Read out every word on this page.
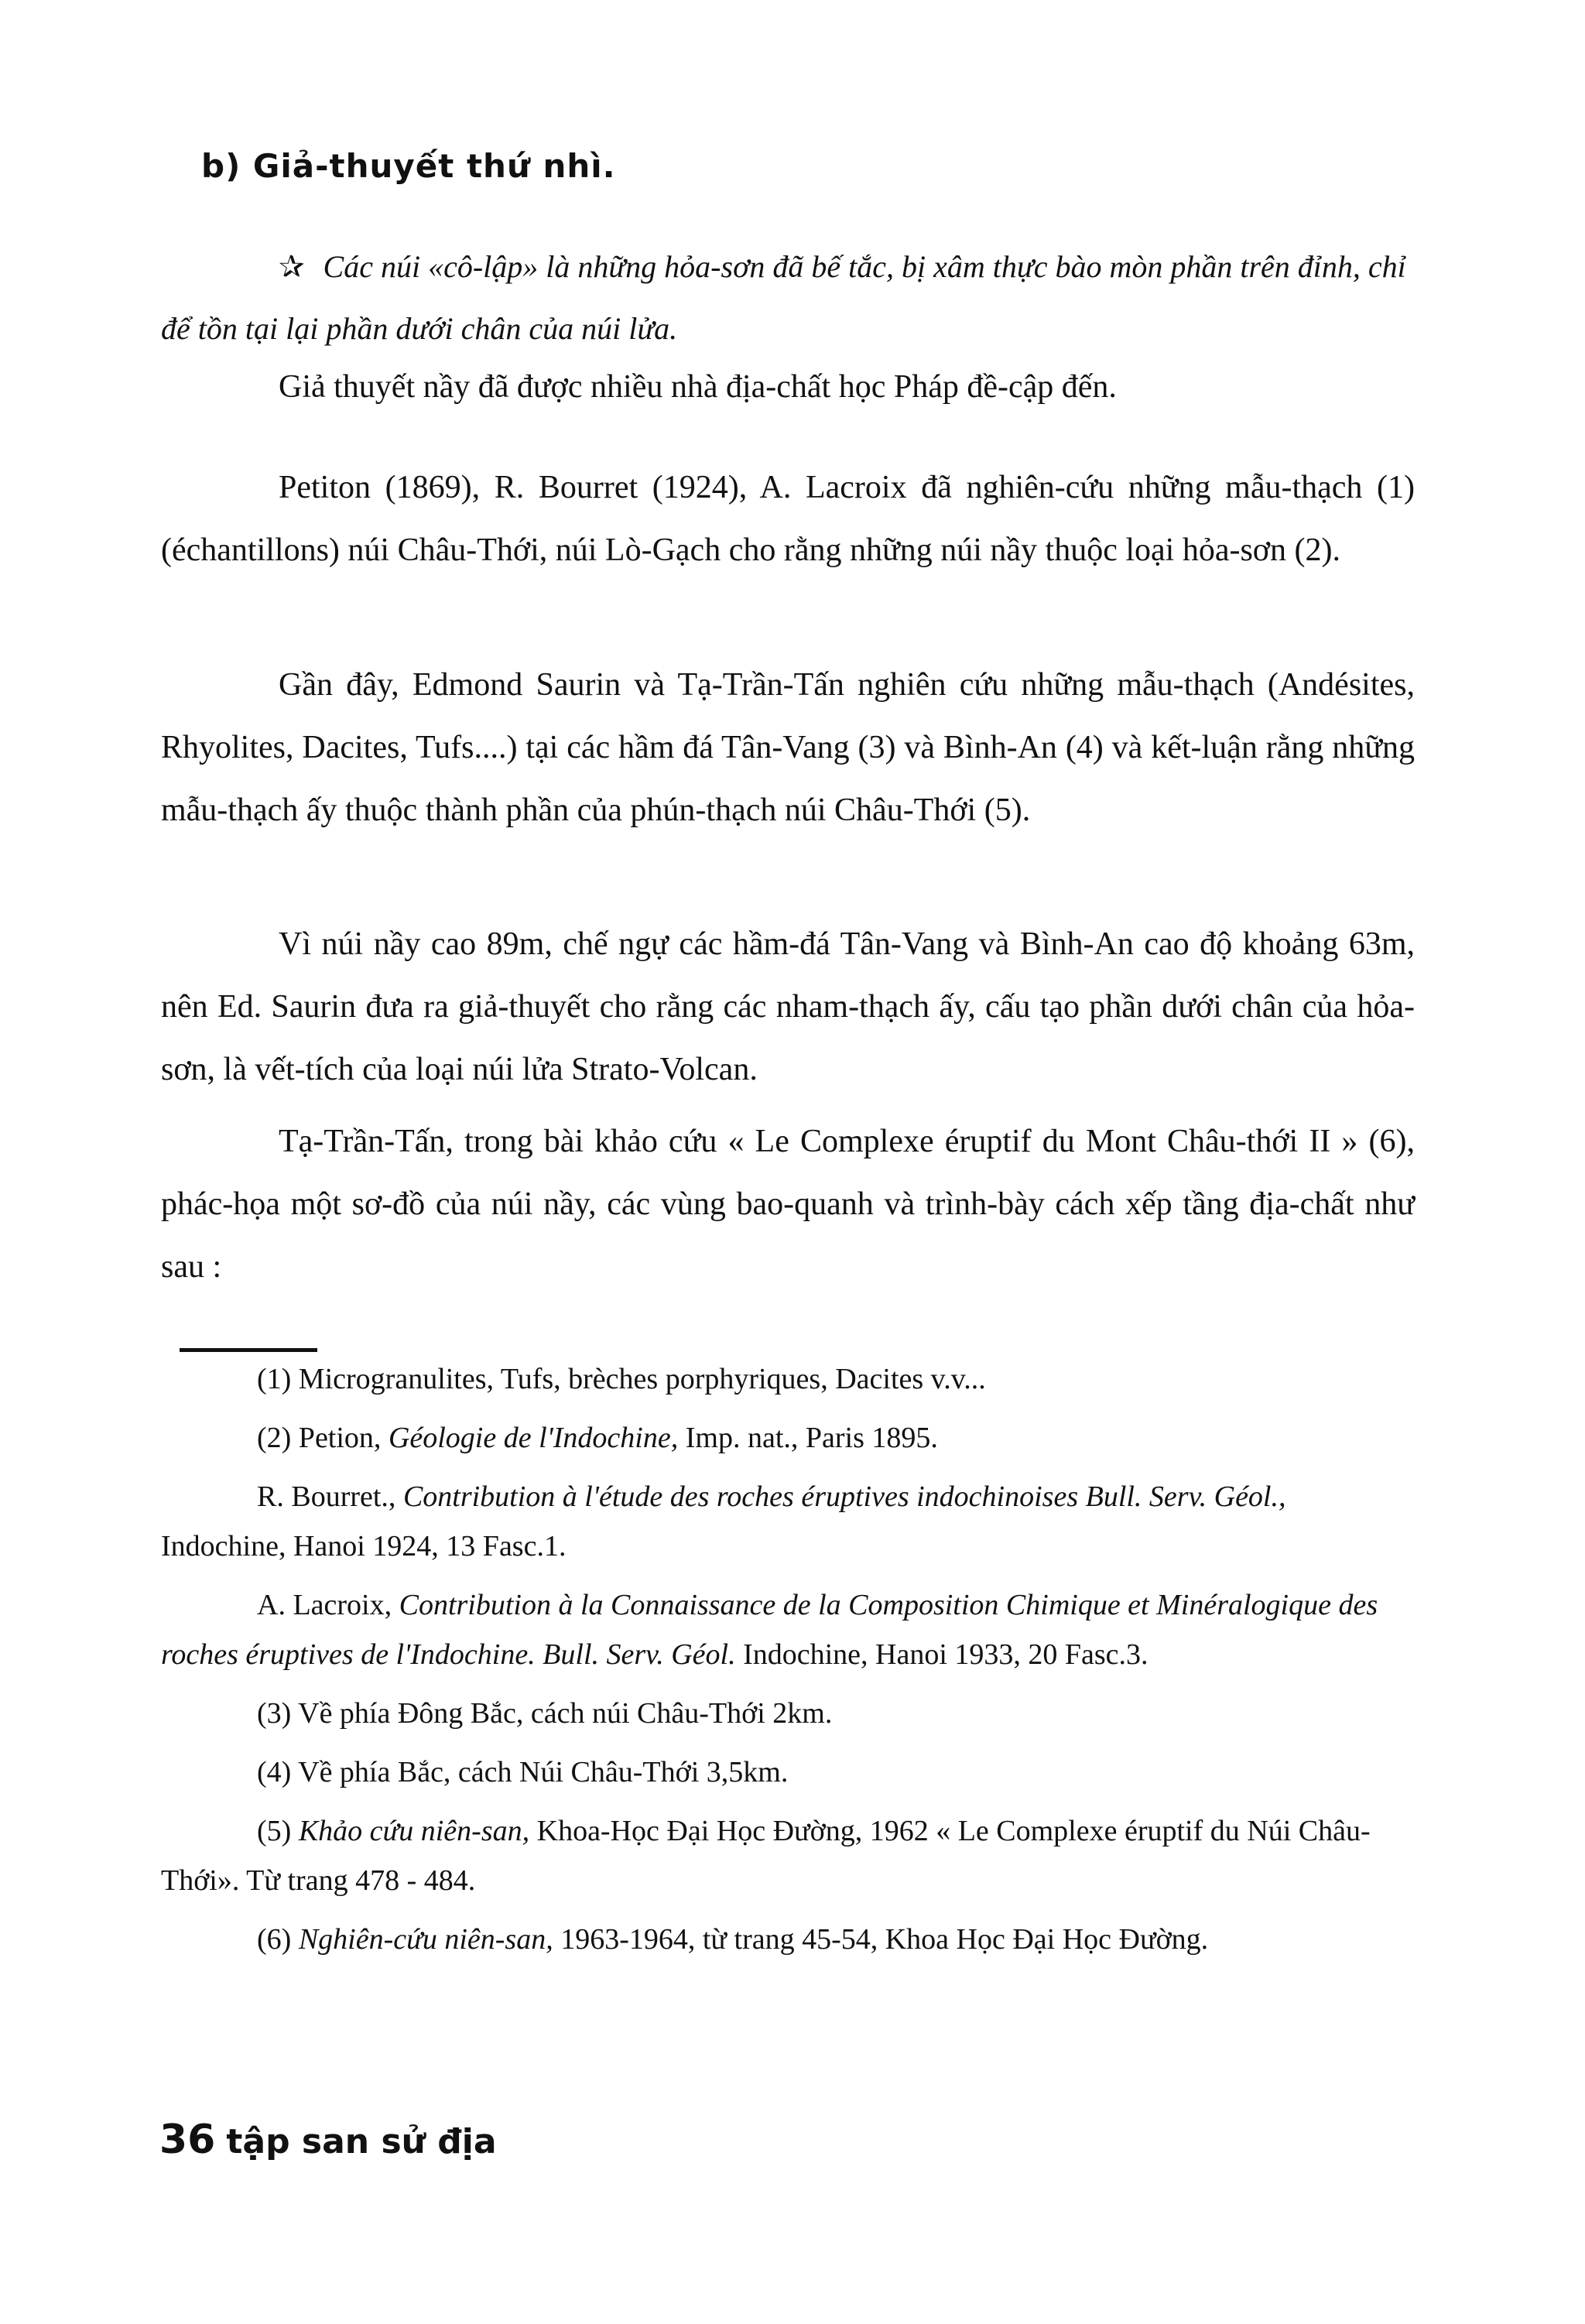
b) Giả-thuyết thứ nhì.
✰ Các núi «cô-lập» là những hỏa-sơn đã bế tắc, bị xâm thực bào mòn phần trên đỉnh, chỉ để tồn tại lại phần dưới chân của núi lửa.
Giả thuyết nầy đã được nhiều nhà địa-chất học Pháp đề-cập đến.
Petiton (1869), R. Bourret (1924), A. Lacroix đã nghiên-cứu những mẫu-thạch (1) (échantillons) núi Châu-Thới, núi Lò-Gạch cho rằng những núi nầy thuộc loại hỏa-sơn (2).
Gần đây, Edmond Saurin và Tạ-Trần-Tấn nghiên cứu những mẫu-thạch (Andésites, Rhyolites, Dacites, Tufs....) tại các hầm đá Tân-Vang (3) và Bình-An (4) và kết-luận rằng những mẫu-thạch ấy thuộc thành phần của phún-thạch núi Châu-Thới (5).
Vì núi nầy cao 89m, chế ngự các hầm-đá Tân-Vang và Bình-An cao độ khoảng 63m, nên Ed. Saurin đưa ra giả-thuyết cho rằng các nham-thạch ấy, cấu tạo phần dưới chân của hỏa-sơn, là vết-tích của loại núi lửa Strato-Volcan.
Tạ-Trần-Tấn, trong bài khảo cứu « Le Complexe éruptif du Mont Châu-thới II » (6), phác-họa một sơ-đồ của núi nầy, các vùng bao-quanh và trình-bày cách xếp tầng địa-chất như sau :
(1) Microgranulites, Tufs, brèches porphyriques, Dacites v.v...
(2) Petion, Géologie de l'Indochine, Imp. nat., Paris 1895.
R. Bourret., Contribution à l'étude des roches éruptives indochinoises Bull. Serv. Géol., Indochine, Hanoi 1924, 13 Fasc.1.
A. Lacroix, Contribution à la Connaissance de la Composition Chimique et Minéralogique des roches éruptives de l'Indochine. Bull. Serv. Géol. Indochine, Hanoi 1933, 20 Fasc.3.
(3) Về phía Đông Bắc, cách núi Châu-Thới 2km.
(4) Về phía Bắc, cách Núi Châu-Thới 3,5km.
(5) Khảo cứu niên-san, Khoa-Học Đại Học Đường, 1962 « Le Complexe éruptif du Núi Châu-Thới». Từ trang 478 - 484.
(6) Nghiên-cứu niên-san, 1963-1964, từ trang 45-54, Khoa Học Đại Học Đường.
36 tập san sử địa
